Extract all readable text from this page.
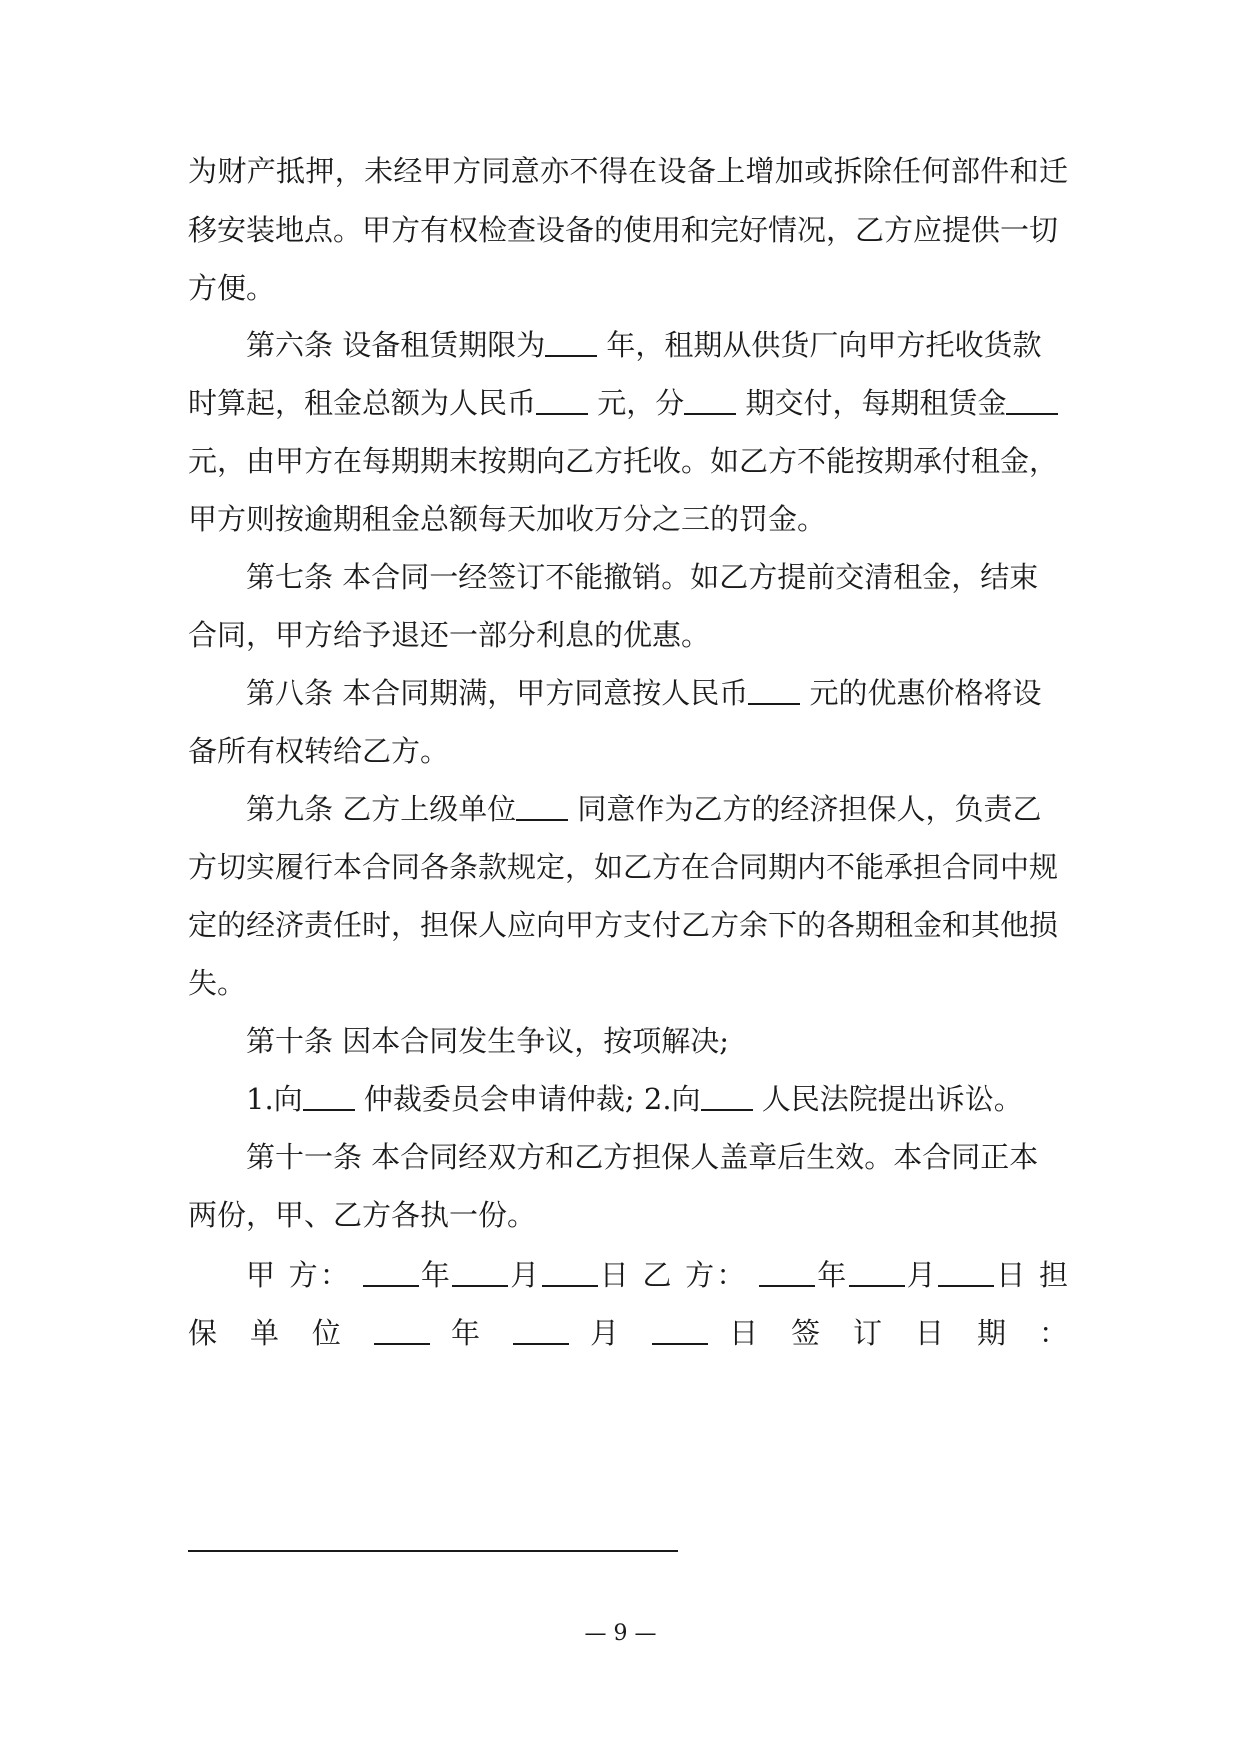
为财产抵押，未经甲方同意亦不得在设备上增加或拆除任何部件和迁
移安装地点。甲方有权检查设备的使用和完好情况，乙方应提供一切
方便。
第六条 设备租赁期限为 年，租期从供货厂向甲方托收货款
时算起，租金总额为人民币 元，分 期交付，每期租赁金
元，由甲方在每期期末按期向乙方托收。如乙方不能按期承付租金，
甲方则按逾期租金总额每天加收万分之三的罚金。
第七条 本合同一经签订不能撤销。如乙方提前交清租金，结束
合同，甲方给予退还一部分利息的优惠。
第八条 本合同期满，甲方同意按人民币 元的优惠价格将设
备所有权转给乙方。
第九条 乙方上级单位 同意作为乙方的经济担保人，负责乙
方切实履行本合同各条款规定，如乙方在合同期内不能承担合同中规
定的经济责任时，担保人应向甲方支付乙方余下的各期租金和其他损
失。
第十条 因本合同发生争议，按项解决;
1.向 仲裁委员会申请仲裁; 2.向 人民法院提出诉讼。
第十一条 本合同经双方和乙方担保人盖章后生效。本合同正本
两份，甲、乙方各执一份。
甲 方： 年 月 日 乙 方： 年 月 日 担
保 单 位	年	月	日 签 订 日 期 ：
— 9 —
